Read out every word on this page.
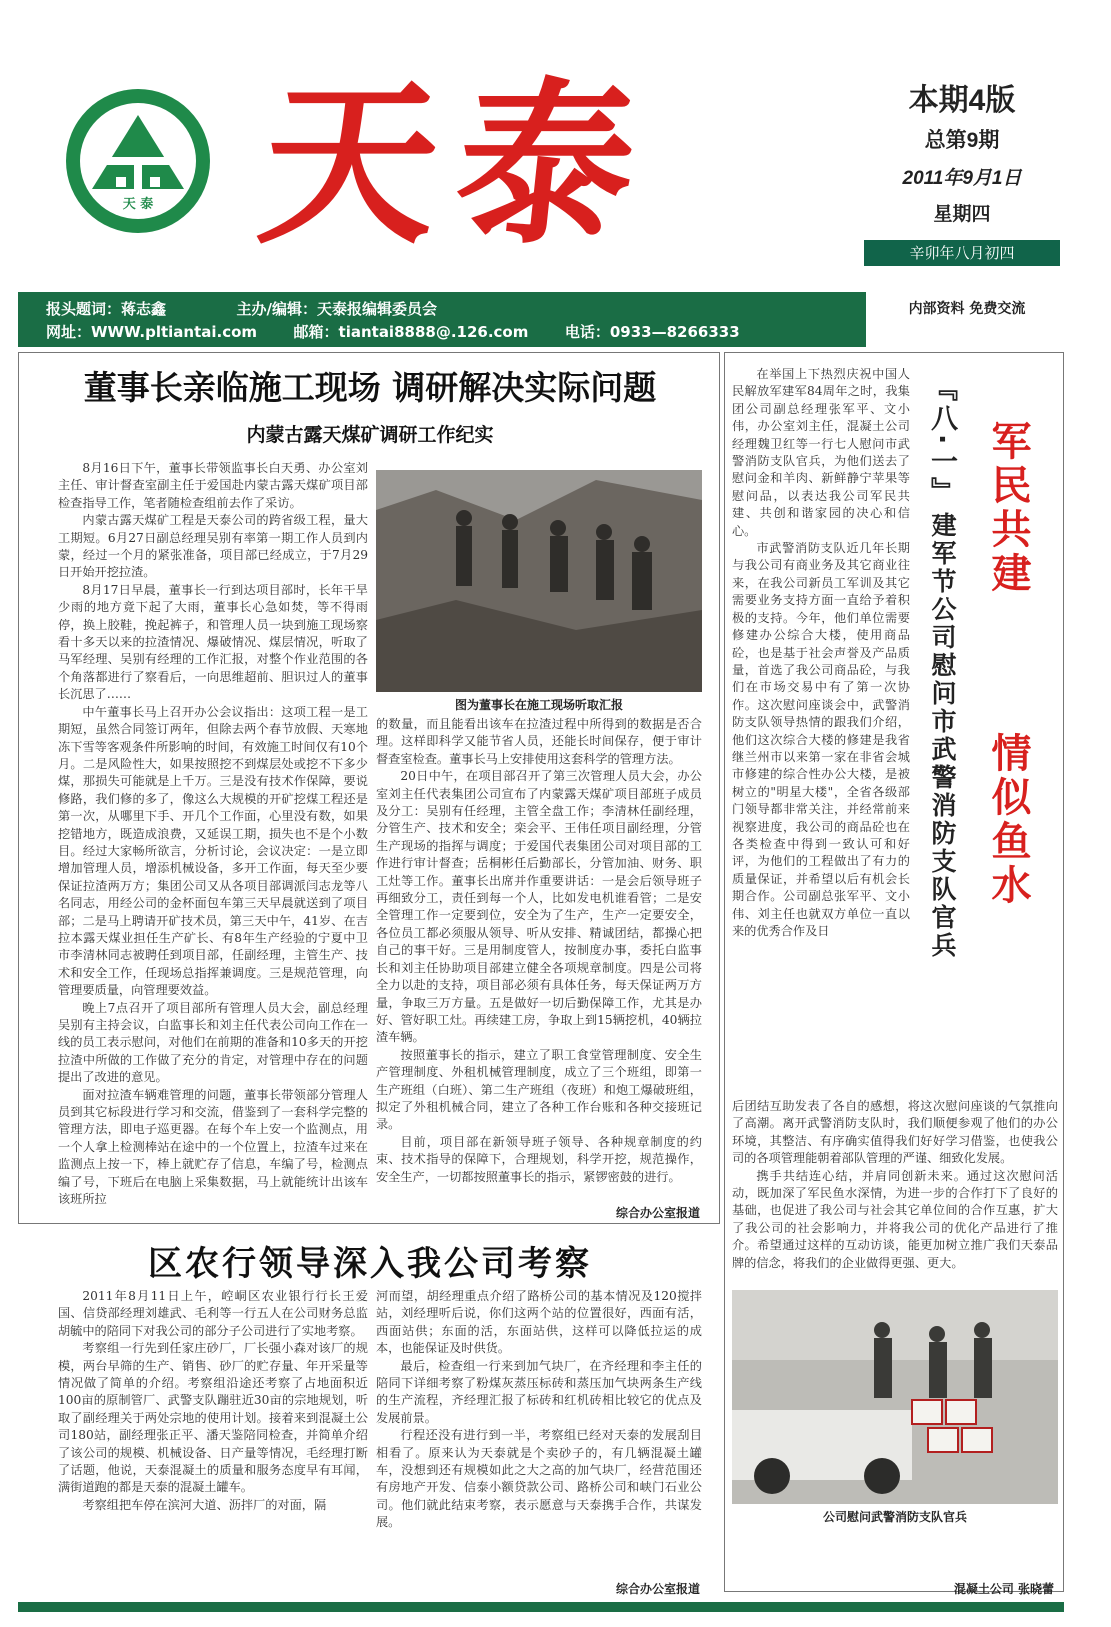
天 泰 天泰	本期4版
总第9期
2011年9月1日
星期四
辛卯年八月初四
报头题词：蒋志鑫	主办/编辑：天泰报编辑委员会
网址：WWW.pltiantai.com 邮箱：tiantai8888@.126.com 电话：0933—8266333
内部资料 免费交流
董事长亲临施工现场 调研解决实际问题
内蒙古露天煤矿调研工作纪实

8月16日下午，董事长带领监事长白天勇、办公室刘主任、审计督查室副主任于爱国赴内蒙古露天煤矿项目部检查指导工作，笔者随检查组前去作了采访。

内蒙古露天煤矿工程是天泰公司的跨省级工程，量大工期短。6月27日副总经理吴别有率第一期工作人员到内蒙，经过一个月的紧张准备，项目部已经成立，于7月29日开始开挖拉渣。

8月17日早晨，董事长一行到达项目部时，长年干旱少雨的地方竟下起了大雨，董事长心急如焚，等不得雨停，换上胶鞋，挽起裤子，和管理人员一块到施工现场察看十多天以来的拉渣情况、爆破情况、煤层情况，听取了马军经理、吴别有经理的工作汇报，对整个作业范围的各个角落都进行了察看后，一向思维超前、胆识过人的董事长沉思了……

中午董事长马上召开办公会议指出：这项工程一是工期短，虽然合同签订两年，但除去两个春节放假、天寒地冻下雪等客观条件所影响的时间，有效施工时间仅有10个月。二是风险性大，如果按照挖不到煤层处或挖不下多少煤，那损失可能就是上千万。三是没有技术作保障，要说修路，我们修的多了，像这么大规模的开矿挖煤工程还是第一次，从哪里下手、开几个工作面，心里没有数，如果挖错地方，既造成浪费，又延误工期，损失也不是个小数目。经过大家畅所欲言，分析讨论，会议决定：一是立即增加管理人员，增添机械设备，多开工作面，每天至少要保证拉渣两万方；集团公司又从各项目部调派闫志龙等八名同志，用经公司的金杯面包车第三天早晨就送到了项目部；二是马上聘请开矿技术员，第三天中午，41岁、在吉拉本露天煤业担任生产矿长、有8年生产经验的宁夏中卫市李清林同志被聘任到项目部，任副经理，主管生产、技术和安全工作，任现场总指挥兼调度。三是规范管理，向管理要质量，向管理要效益。

晚上7点召开了项目部所有管理人员大会，副总经理吴别有主持会议，白监事长和刘主任代表公司向工作在一线的员工表示慰问，对他们在前期的准备和10多天的开挖拉渣中所做的工作做了充分的肯定，对管理中存在的问题提出了改进的意见。

面对拉渣车辆难管理的问题，董事长带领部分管理人员到其它标段进行学习和交流，借鉴到了一套科学完整的管理方法，即电子巡更器。在每个车上安一个监测点，用一个人拿上检测棒站在途中的一个位置上，拉渣车过来在监测点上按一下，棒上就贮存了信息，车编了号，检测点编了号，下班后在电脑上采集数据，马上就能统计出该车该班所拉

图为董事长在施工现场听取汇报

的数量，而且能看出该车在拉渣过程中所得到的数据是否合理。这样即科学又能节省人员，还能长时间保存，便于审计督查室检查。董事长马上安排使用这套科学的管理方法。

20日中午，在项目部召开了第三次管理人员大会，办公室刘主任代表集团公司宣布了内蒙露天煤矿项目部班子成员及分工：吴别有任经理，主管全盘工作；李清林任副经理，分管生产、技术和安全；栾会平、王伟任项目副经理，分管生产现场的指挥与调度；于爱国代表集团公司对项目部的工作进行审计督查；岳桐彬任后勤部长，分管加油、财务、职工灶等工作。董事长出席并作重要讲话：一是会后领导班子再细致分工，责任到每一个人，比如发电机谁看管；二是安全管理工作一定要到位，安全为了生产，生产一定要安全，各位员工都必须服从领导、听从安排、精诚团结，都操心把自己的事干好。三是用制度管人，按制度办事，委托白监事长和刘主任协助项目部建立健全各项规章制度。四是公司将全力以赴的支持，项目部必须有具体任务，每天保证两万方量，争取三万方量。五是做好一切后勤保障工作，尤其是办好、管好职工灶。再续建工房，争取上到15辆挖机，40辆拉渣车辆。

按照董事长的指示，建立了职工食堂管理制度、安全生产管理制度、外租机械管理制度，成立了三个班组，即第一生产班组（白班）、第二生产班组（夜班）和炮工爆破班组，拟定了外租机械合同，建立了各种工作台账和各种交接班记录。

目前，项目部在新领导班子领导、各种规章制度的约束、技术指导的保障下，合理规划，科学开挖，规范操作，安全生产，一切都按照董事长的指示，紧锣密鼓的进行。

综合办公室报道
区农行领导深入我公司考察

2011年8月11日上午，崆峒区农业银行行长王爱国、信贷部经理刘雄武、毛利等一行五人在公司财务总监胡毓中的陪同下对我公司的部分子公司进行了实地考察。

考察组一行先到任家庄砂厂，厂长强小森对该厂的规模，两台早筛的生产、销售、砂厂的贮存量、年开采量等情况做了简单的介绍。考察组沿途还考察了占地面积近100亩的原制管厂、武警支队蹦驻近30亩的宗地规划，听取了副经理关于两处宗地的使用计划。接着来到混凝土公司180站，副经理张正平、潘天鉴陪同检查，并简单介绍了该公司的规模、机械设备、日产量等情况，毛经理打断了话题，他说，天泰混凝土的质量和服务态度早有耳闻，满街道跑的都是天泰的混凝土罐车。

考察组把车停在滨河大道、沥拌厂的对面，隔

河而望，胡经理重点介绍了路桥公司的基本情况及120搅拌站，刘经理听后说，你们这两个站的位置很好，西面有活，西面站供；东面的活，东面站供，这样可以降低拉运的成本，也能保证及时供货。

最后，检查组一行来到加气块厂，在齐经理和李主任的陪同下详细考察了粉煤灰蒸压标砖和蒸压加气块两条生产线的生产流程，齐经理汇报了标砖和红机砖相比较它的优点及发展前景。

行程还没有进行到一半，考察组已经对天泰的发展刮目相看了。原来认为天泰就是个卖砂子的，有几辆混凝土罐车，没想到还有规模如此之大之高的加气块厂，经营范围还有房地产开发、信泰小额贷款公司、路桥公司和峡门石业公司。他们就此结束考察，表示愿意与天泰携手合作，共谋发展。

综合办公室报道

在举国上下热烈庆祝中国人民解放军建军84周年之时，我集团公司副总经理张军平、文小伟，办公室刘主任，混凝土公司经理魏卫红等一行七人慰问市武警消防支队官兵，为他们送去了慰问金和羊肉、新鲜静宁苹果等慰问品，以表达我公司军民共建、共创和谐家园的决心和信心。

市武警消防支队近几年长期与我公司有商业务及其它商业往来，在我公司新员工军训及其它需要业务支持方面一直给予着积极的支持。今年，他们单位需要修建办公综合大楼，使用商品砼，也是基于社会声誉及产品质量，首选了我公司商品砼，与我们在市场交易中有了第一次协作。这次慰问座谈会中，武警消防支队领导热情的跟我们介绍，他们这次综合大楼的修建是我省继兰州市以来第一家在非省会城市修建的综合性办公大楼，是被树立的"明星大楼"，全省各级部门领导都非常关注，并经常前来视察进度，我公司的商品砼也在各类检查中得到一致认可和好评，为他们的工程做出了有力的质量保证，并希望以后有机会长期合作。公司副总张军平、文小伟、刘主任也就双方单位一直以来的优秀合作及日

『八·一』
建军节公司慰问市武警消防支队官兵
军民共建
情似鱼水

后团结互助发表了各自的感想，将这次慰问座谈的气氛推向了高潮。离开武警消防支队时，我们顺便参观了他们的办公环境，其整洁、有序确实值得我们好好学习借鉴，也使我公司的各项管理能朝着部队管理的严谨、细致化发展。

携手共结连心结，并肩同创新未来。通过这次慰问活动，既加深了军民鱼水深情，为进一步的合作打下了良好的基础，也促进了我公司与社会其它单位间的合作互惠，扩大了我公司的社会影响力，并将我公司的优化产品进行了推介。希望通过这样的互动访谈，能更加树立推广我们天泰品牌的信念，将我们的企业做得更强、更大。

公司慰问武警消防支队官兵
混凝土公司 张晓蕾
